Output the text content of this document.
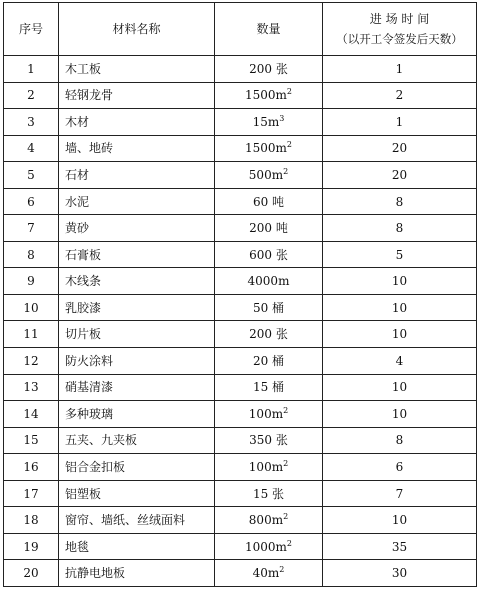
序号	材料名称	数量	进 场 时 间
（以开工令签发后天数）

1	木工板	200 张	1
2	轻钢龙骨	$1500m^2$	2
3	木材	$15m^3$	1
4	墙、地砖	$1500m^2$	20
5	石材	$500m^2$	20
6	水泥	60 吨	8
7	黄砂	200 吨	8
8	石膏板	600 张	5
9	木线条	4000m	10
10	乳胶漆	50 桶	10
11	切片板	200 张	10
12	防火涂料	20 桶	4
13	硝基清漆	15 桶	10
14	多种玻璃	$100m^2$	10
15	五夹、九夹板	350 张	8
16	铝合金扣板	$100m^2$	6
17	铝塑板	15 张	7
18	窗帘、墙纸、丝绒面料	$800m^2$	10
19	地毯	$1000m^2$	35
20	抗静电地板	$40m^2$	30
